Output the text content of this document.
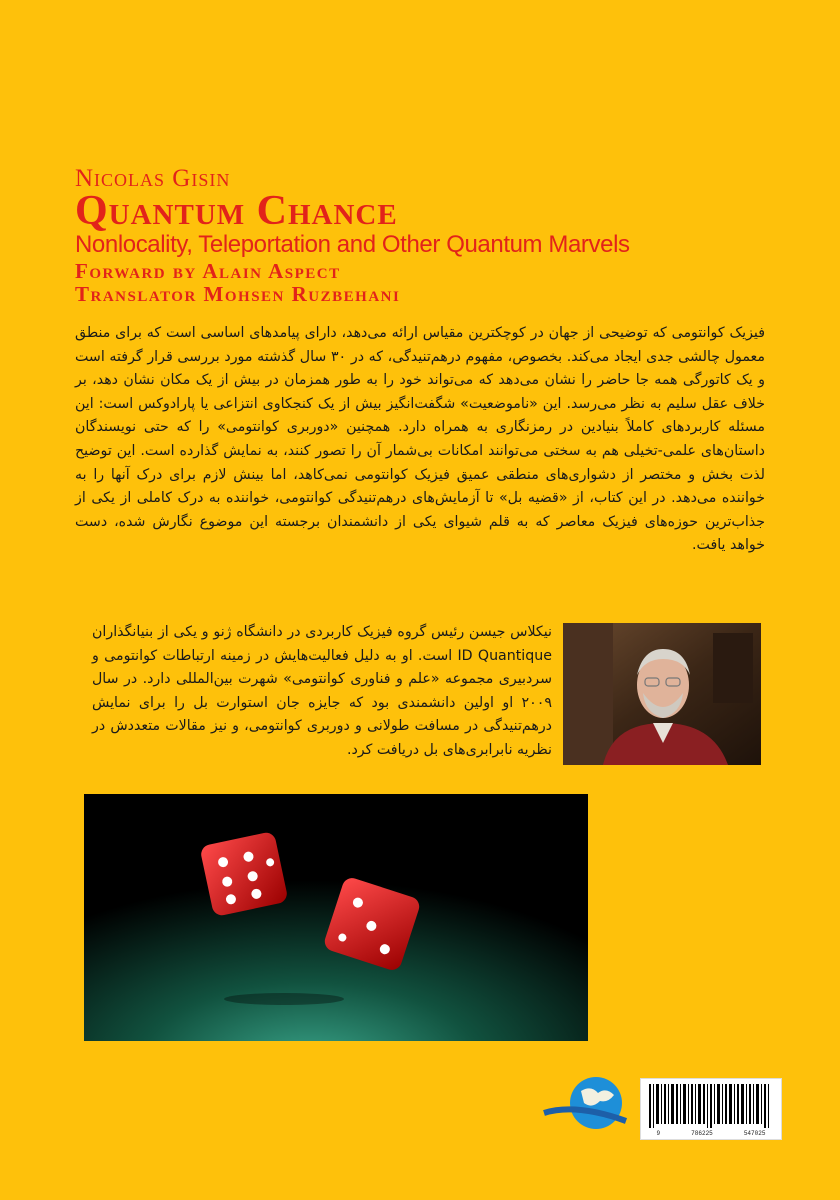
Nicolas Gisin

Quantum Chance

Nonlocality, Teleportation and Other Quantum Marvels

Forward by Alain Aspect

Translator Mohsen Ruzbehani

فیزیک کوانتومی که توضیحی از جهان در کوچکترین مقیاس ارائه می‌دهد، دارای پیامدهای اساسی است که برای منطق معمول چالشی جدی ایجاد می‌کند. بخصوص، مفهوم درهم‌تنیدگی، که در ۳۰ سال گذشته مورد بررسی قرار گرفته است و یک کاتورگی همه جا حاضر را نشان می‌دهد که می‌تواند خود را به طور همزمان در بیش از یک مکان نشان دهد، بر خلاف عقل سلیم به نظر می‌رسد. این «ناموضعیت» شگفت‌انگیز بیش از یک کنجکاوی انتزاعی یا پارادوکس است: این مسئله کاربردهای کاملاً بنیادین در رمزنگاری به همراه دارد. همچنین «دوربری کوانتومی» را که حتی نویسندگان داستان‌های علمی-تخیلی هم به سختی می‌توانند امکانات بی‌شمار آن را تصور کنند، به نمایش گذارده است. این توضیح لذت بخش و مختصر از دشواری‌های منطقی عمیق فیزیک کوانتومی نمی‌کاهد، اما بینش لازم برای درک آنها را به خواننده می‌دهد. در این کتاب، از «قضیه بل» تا آزمایش‌های درهم‌تنیدگی کوانتومی، خواننده به درک کاملی از یکی از جذاب‌ترین حوزه‌های فیزیک معاصر که به قلم شیوای یکی از دانشمندان برجسته این موضوع نگارش شده، دست خواهد یافت.

نیکلاس جیسن رئیس گروه فیزیک کاربردی در دانشگاه ژنو و یکی از بنیانگذاران ID Quantique است. او به دلیل فعالیت‌هایش در زمینه ارتباطات کوانتومی و سردبیری مجموعه «علم و فناوری کوانتومی» شهرت بین‌المللی دارد. در سال ۲۰۰۹ او اولین دانشمندی بود که جایزه جان استوارت بل را برای نمایش درهم‌تنیدگی در مسافت طولانی و دوربری کوانتومی، و نیز مقالات متعددش در نظریه نابرابری‌های بل دریافت کرد.

9	786225	547025
